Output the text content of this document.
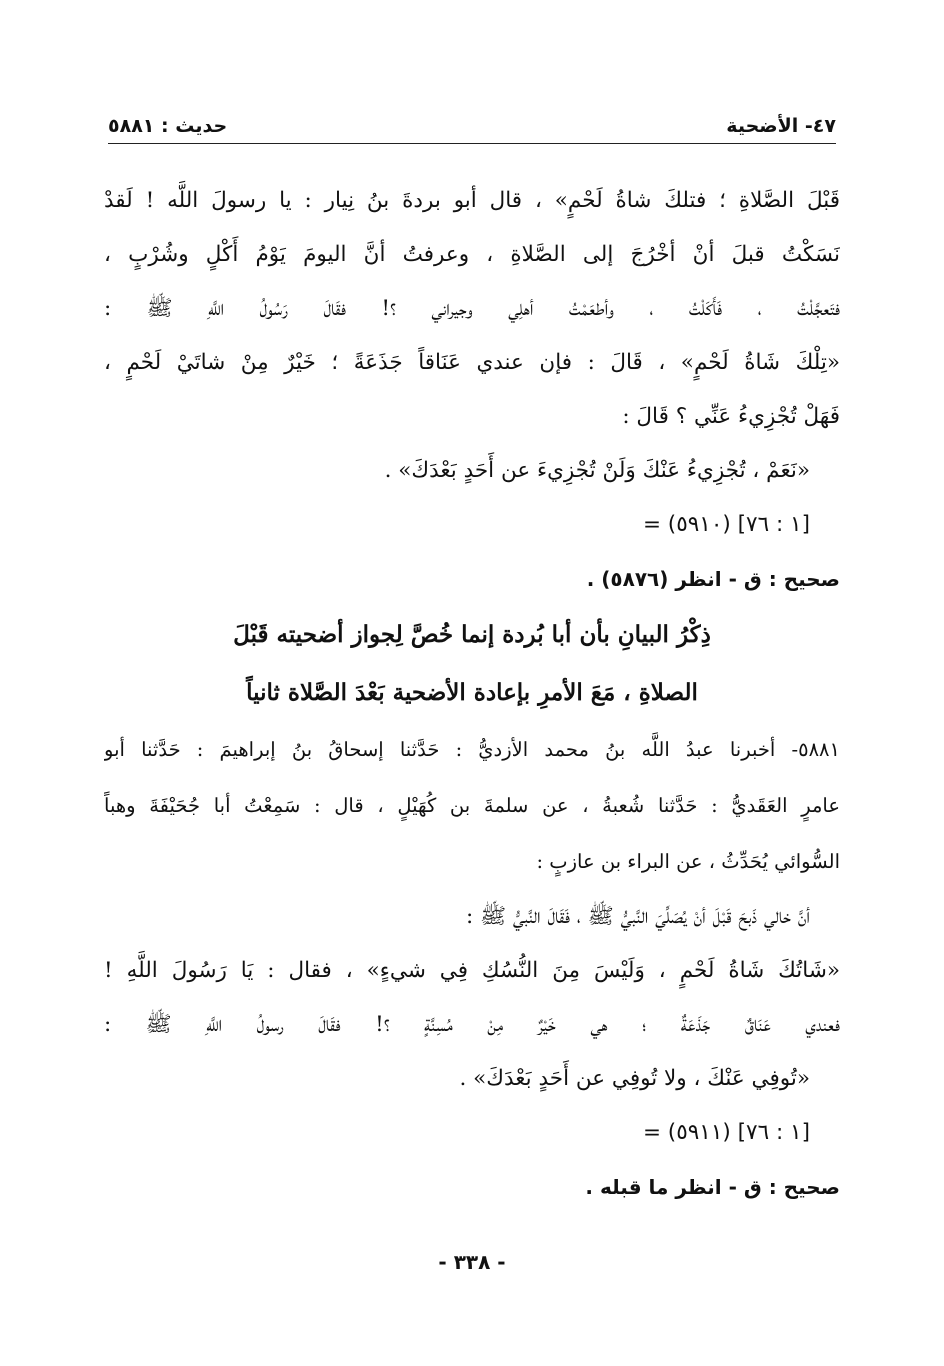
٤٧- الأضحية
حديث : ٥٨٨١
قَبْلَ الصَّلاةِ ؛ فتلكَ شاةُ لَحْمٍ» ، قال أبو بردةَ بنُ نِيار : يا رسولَ اللَّه ! لَقدْ
نَسَكْتُ قبلَ أنْ أخْرُجَ إلى الصَّلاةِ ، وعرفتُ أنَّ اليومَ يَوْمُ أَكْلٍ وشُرْبٍ ،
فتَعجَّلْتُ ، فَأَكَلْتُ ، وأطعَمْتُ أهلِي وجيراني ؟! فقَالَ رَسُولُ اللَّهِ ﷺ :
«تِلْكَ شَاةُ لَحْمٍ» ، قَالَ : فإن عندي عَنَاقاً جَذَعَةً ؛ خَيْرٌ مِنْ شاتَيْ لَحْمٍ ،
فَهَلْ تُجْزِيءُ عَنِّي ؟ قَالَ :
«نَعَمْ ، تُجْزِيءُ عَنْكَ وَلَنْ تُجْزِيءَ عن أَحَدٍ بَعْدَكَ» .
= (٥٩١٠) [١ : ٧٦]
صحيح : ق - انظر (٥٨٧٦) .
ذِكْرُ البيانِ بأن أبا بُردة إنما خُصَّ لِجواز أضحيته قَبْلَ
الصلاةِ ، مَعَ الأمرِ بإعادة الأضحية بَعْدَ الصَّلاة ثانياً
٥٨٨١- أخبرنا عبدُ اللَّه بنُ محمد الأزديُّ : حَدَّثنا إسحاقُ بنُ إبراهيمَ : حَدَّثنا أبو
عامرٍ العَقَديُّ : حَدَّثنا شُعبةُ ، عن سلمةَ بن كُهَيْلٍ ، قال : سَمِعْتُ أبا جُحَيْفَةَ وهباً
السُّوائي يُحَدِّثُ ، عن البراء بن عازبٍ :
أنَّ خالي ذَبحَ قَبْلَ أنْ يُصَلِّيَ النَّبيُّ ﷺ ، فَقَالَ النَّبيُّ ﷺ :
«شَاتُكَ شَاةُ لَحْمٍ ، وَلَيْسَ مِنَ النُّسُكِ فِي شيءٍ» ، فقال : يَا رَسُولَ اللَّهِ !
فعندي عَنَاقٌ جَذَعَةٌ ؛ هي خَيْرٌ مِنْ مُسِنَّةٍ ؟! فقَالَ رسولُ اللَّهِ ﷺ :
«تُوفِي عَنْكَ ، ولا تُوفِي عن أَحَدٍ بَعْدَكَ» .
= (٥٩١١) [١ : ٧٦]
صحيح : ق - انظر ما قبله .
- ٣٣٨ -
